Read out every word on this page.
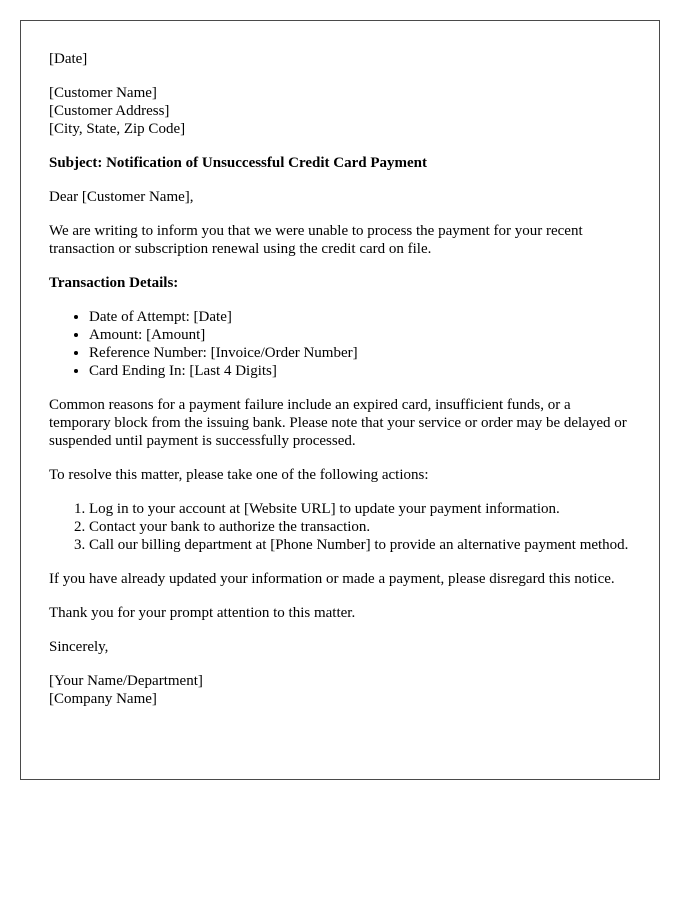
[Date]

[Customer Name]
[Customer Address]
[City, State, Zip Code]

Subject: Notification of Unsuccessful Credit Card Payment

Dear [Customer Name],

We are writing to inform you that we were unable to process the payment for your recent transaction or subscription renewal using the credit card on file.

Transaction Details:

• Date of Attempt: [Date]
• Amount: [Amount]
• Reference Number: [Invoice/Order Number]
• Card Ending In: [Last 4 Digits]

Common reasons for a payment failure include an expired card, insufficient funds, or a temporary block from the issuing bank. Please note that your service or order may be delayed or suspended until payment is successfully processed.

To resolve this matter, please take one of the following actions:

1. Log in to your account at [Website URL] to update your payment information.
2. Contact your bank to authorize the transaction.
3. Call our billing department at [Phone Number] to provide an alternative payment method.

If you have already updated your information or made a payment, please disregard this notice.

Thank you for your prompt attention to this matter.

Sincerely,

[Your Name/Department]
[Company Name]
